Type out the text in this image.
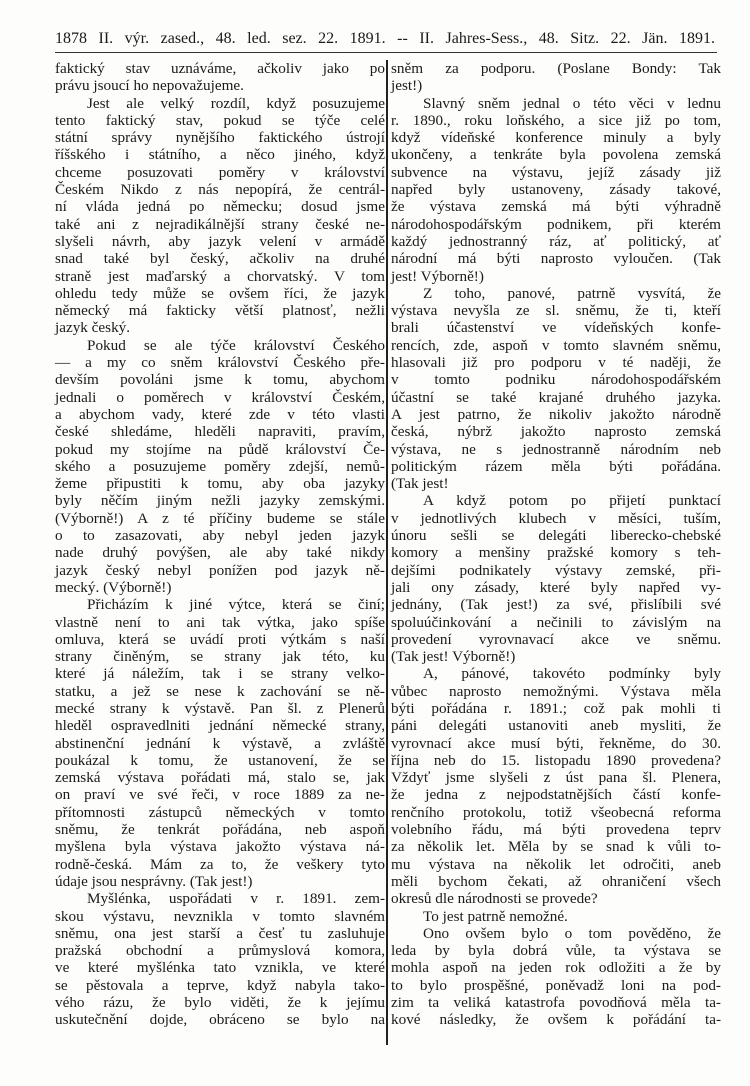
1878 II. výr. zased., 48. led. sez. 22. 1891. -- II. Jahres-Sess., 48. Sitz. 22. Jän. 1891.
faktický stav uznáváme, ačkoliv jako po
právu jsoucí ho nepovažujeme.
Jest ale velký rozdíl, když posuzujeme
tento faktický stav, pokud se týče celé
státní správy nynějšího faktického ústrojí
říšského i státního, a něco jiného, když
chceme posuzovati poměry v království
Českém Nikdo z nás nepopírá, že centrál-
ní vláda jedná po německu; dosud jsme
také ani z nejradikálnější strany české ne-
slyšeli návrh, aby jazyk velení v armádě
snad také byl český, ačkoliv na druhé
straně jest maďarský a chorvatský. V tom
ohledu tedy může se ovšem říci, že jazyk
německý má fakticky větší platnosť, nežli
jazyk český.
Pokud se ale týče království Českého
— a my co sněm království Českého pře-
devším povoláni jsme k tomu, abychom
jednali o poměrech v království Českém,
a abychom vady, které zde v této vlasti
české shledáme, hleděli napraviti, pravím,
pokud my stojíme na půdě království Če-
ského a posuzujeme poměry zdejší, nemů-
žeme připustiti k tomu, aby oba jazyky
byly něčím jiným nežli jazyky zemskými.
(Výborně!) A z té příčiny budeme se stále
o to zasazovati, aby nebyl jeden jazyk
nade druhý povýšen, ale aby také nikdy
jazyk český nebyl ponížen pod jazyk ně-
mecký. (Výborně!)
Přicházím k jiné výtce, která se činí;
vlastně není to ani tak výtka, jako spíše
omluva, která se uvádí proti výtkám s naší
strany činěným, se strany jak této, ku
které já náležím, tak i se strany velko-
statku, a jež se nese k zachování se ně-
mecké strany k výstavě. Pan šl. z Plenerů
hleděl ospravedlniti jednání německé strany,
abstinenční jednání k výstavě, a zvláště
poukázal k tomu, že ustanovení, že se
zemská výstava pořádati má, stalo se, jak
on praví ve své řeči, v roce 1889 za ne-
přítomnosti zástupců německých v tomto
sněmu, že tenkrát pořádána, neb aspoň
myšlena byla výstava jakožto výstava ná-
rodně-česká. Mám za to, že veškery tyto
údaje jsou nesprávny. (Tak jest!)
Myšlénka, uspořádati v r. 1891. zem-
skou výstavu, nevznikla v tomto slavném
sněmu, ona jest starší a česť tu zasluhuje
pražská obchodní a průmyslová komora,
ve které myšlénka tato vznikla, ve které
se pěstovala a teprve, když nabyla tako-
vého rázu, že bylo viděti, že k jejímu
uskutečnění dojde, obráceno se bylo na
sněm za podporu. (Poslane Bondy: Tak
jest!)
Slavný sněm jednal o této věci v lednu
r. 1890., roku loňského, a sice již po tom,
když vídeňské konference minuly a byly
ukončeny, a tenkráte byla povolena zemská
subvence na výstavu, jejíž zásady již
napřed byly ustanoveny, zásady takové,
že výstava zemská má býti výhradně
národohospodářským podnikem, při kterém
každý jednostranný ráz, ať politický, ať
národní má býti naprosto vyloučen. (Tak
jest! Výborně!)
Z toho, panové, patrně vysvítá, že
výstava nevyšla ze sl. sněmu, že ti, kteří
brali účastenství ve vídeňských konfe-
rencích, zde, aspoň v tomto slavném sněmu,
hlasovali již pro podporu v té naději, že
v tomto podniku národohospodářském
účastní se také krajané druhého jazyka.
A jest patrno, že nikoliv jakožto národně
česká, nýbrž jakožto naprosto zemská
výstava, ne s jednostranně národním neb
politickým rázem měla býti pořádána.
(Tak jest!
A když potom po přijetí punktací
v jednotlivých klubech v měsíci, tuším,
únoru sešli se delegáti liberecko-chebské
komory a menšiny pražské komory s teh-
dejšími podnikately výstavy zemské, při-
jali ony zásady, které byly napřed vy-
jednány, (Tak jest!) za své, přislíbili své
spoluúčinkování a nečinili to závislým na
provedení vyrovnavací akce ve sněmu.
(Tak jest! Výborně!)
A, pánové, takovéto podmínky byly
vůbec naprosto nemožnými. Výstava měla
býti pořádána r. 1891.; což pak mohli ti
páni delegáti ustanoviti aneb mysliti, že
vyrovnací akce musí býti, řekněme, do 30.
října neb do 15. listopadu 1890 provedena?
Vždyť jsme slyšeli z úst pana šl. Plenera,
že jedna z nejpodstatnějších částí konfe-
renčního protokolu, totiž všeobecná reforma
volebního řádu, má býti provedena teprv
za několik let. Měla by se snad k vůli to-
mu výstava na několik let odročiti, aneb
měli bychom čekati, až ohraničení všech
okresů dle národnosti se provede?
To jest patrně nemožné.
Ono ovšem bylo o tom pověděno, že
leda by byla dobrá vůle, ta výstava se
mohla aspoň na jeden rok odložiti a že by
to bylo prospěšné, poněvadž loni na pod-
zim ta veliká katastrofa povodňová měla ta-
kové následky, že ovšem k pořádání ta-
